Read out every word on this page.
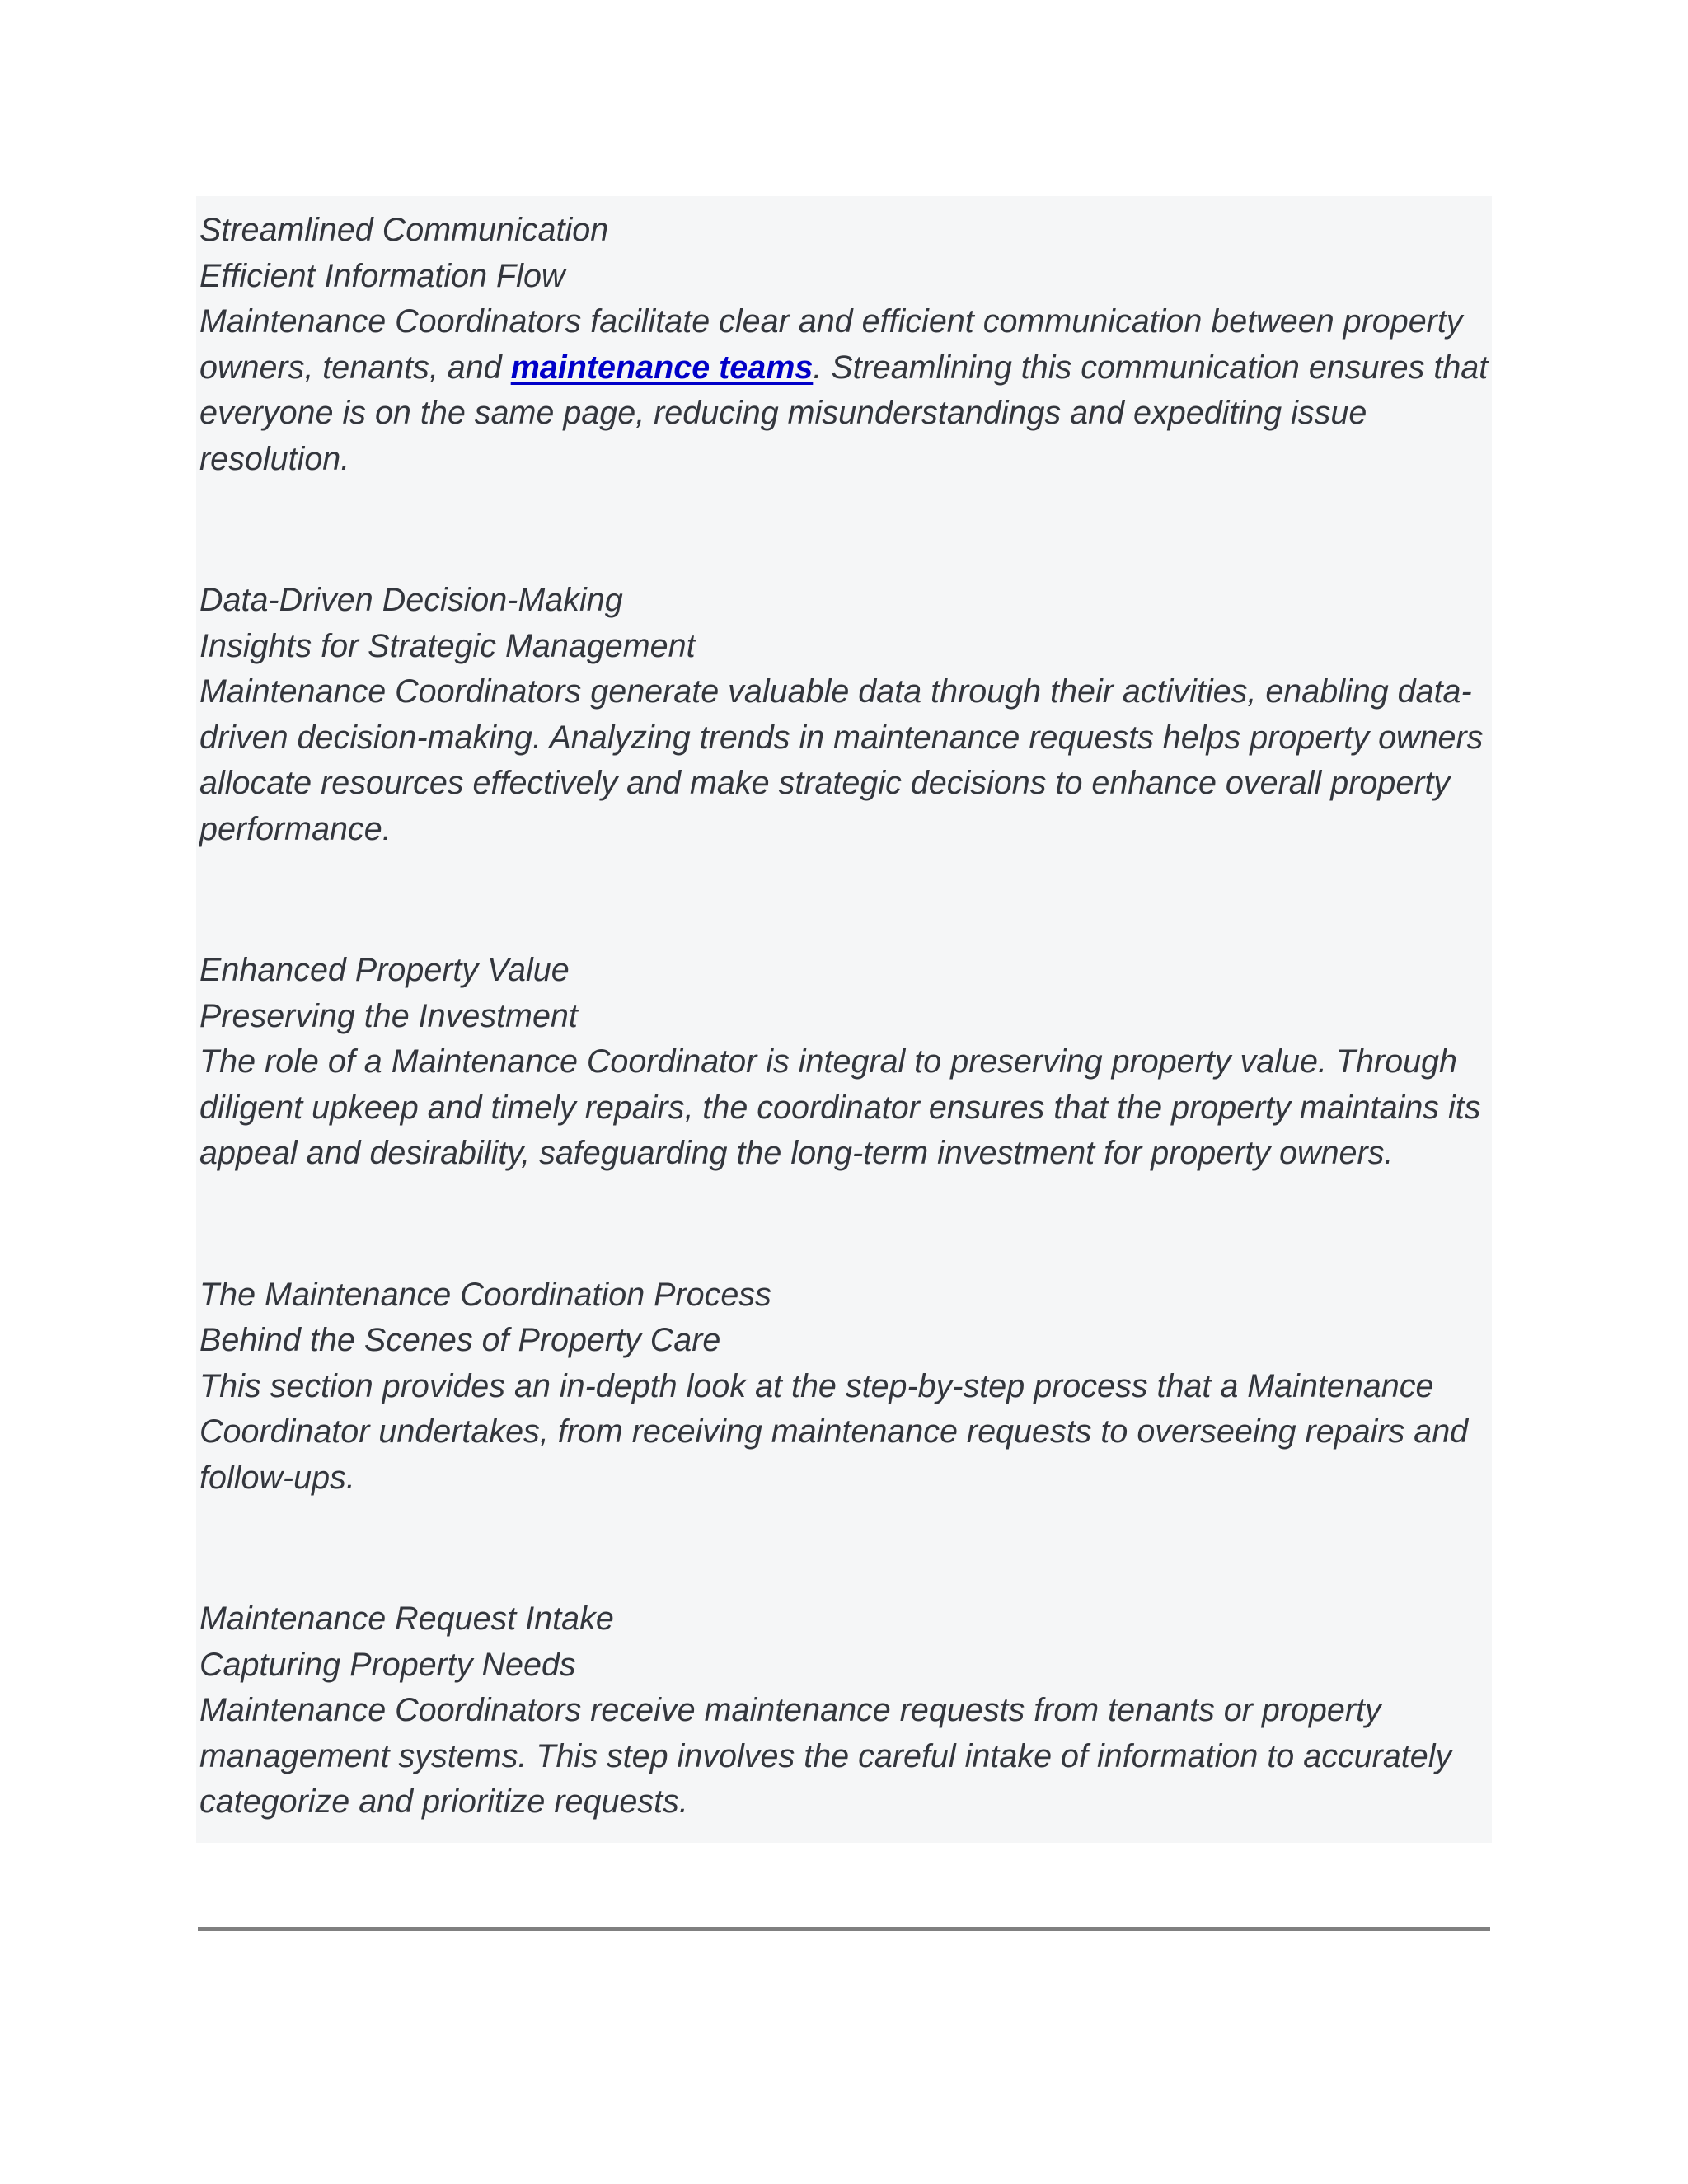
Streamlined Communication
Efficient Information Flow
Maintenance Coordinators facilitate clear and efficient communication between property owners, tenants, and maintenance teams. Streamlining this communication ensures that everyone is on the same page, reducing misunderstandings and expediting issue resolution.
Data-Driven Decision-Making
Insights for Strategic Management
Maintenance Coordinators generate valuable data through their activities, enabling data-driven decision-making. Analyzing trends in maintenance requests helps property owners allocate resources effectively and make strategic decisions to enhance overall property performance.
Enhanced Property Value
Preserving the Investment
The role of a Maintenance Coordinator is integral to preserving property value. Through diligent upkeep and timely repairs, the coordinator ensures that the property maintains its appeal and desirability, safeguarding the long-term investment for property owners.
The Maintenance Coordination Process
Behind the Scenes of Property Care
This section provides an in-depth look at the step-by-step process that a Maintenance Coordinator undertakes, from receiving maintenance requests to overseeing repairs and follow-ups.
Maintenance Request Intake
Capturing Property Needs
Maintenance Coordinators receive maintenance requests from tenants or property management systems. This step involves the careful intake of information to accurately categorize and prioritize requests.
